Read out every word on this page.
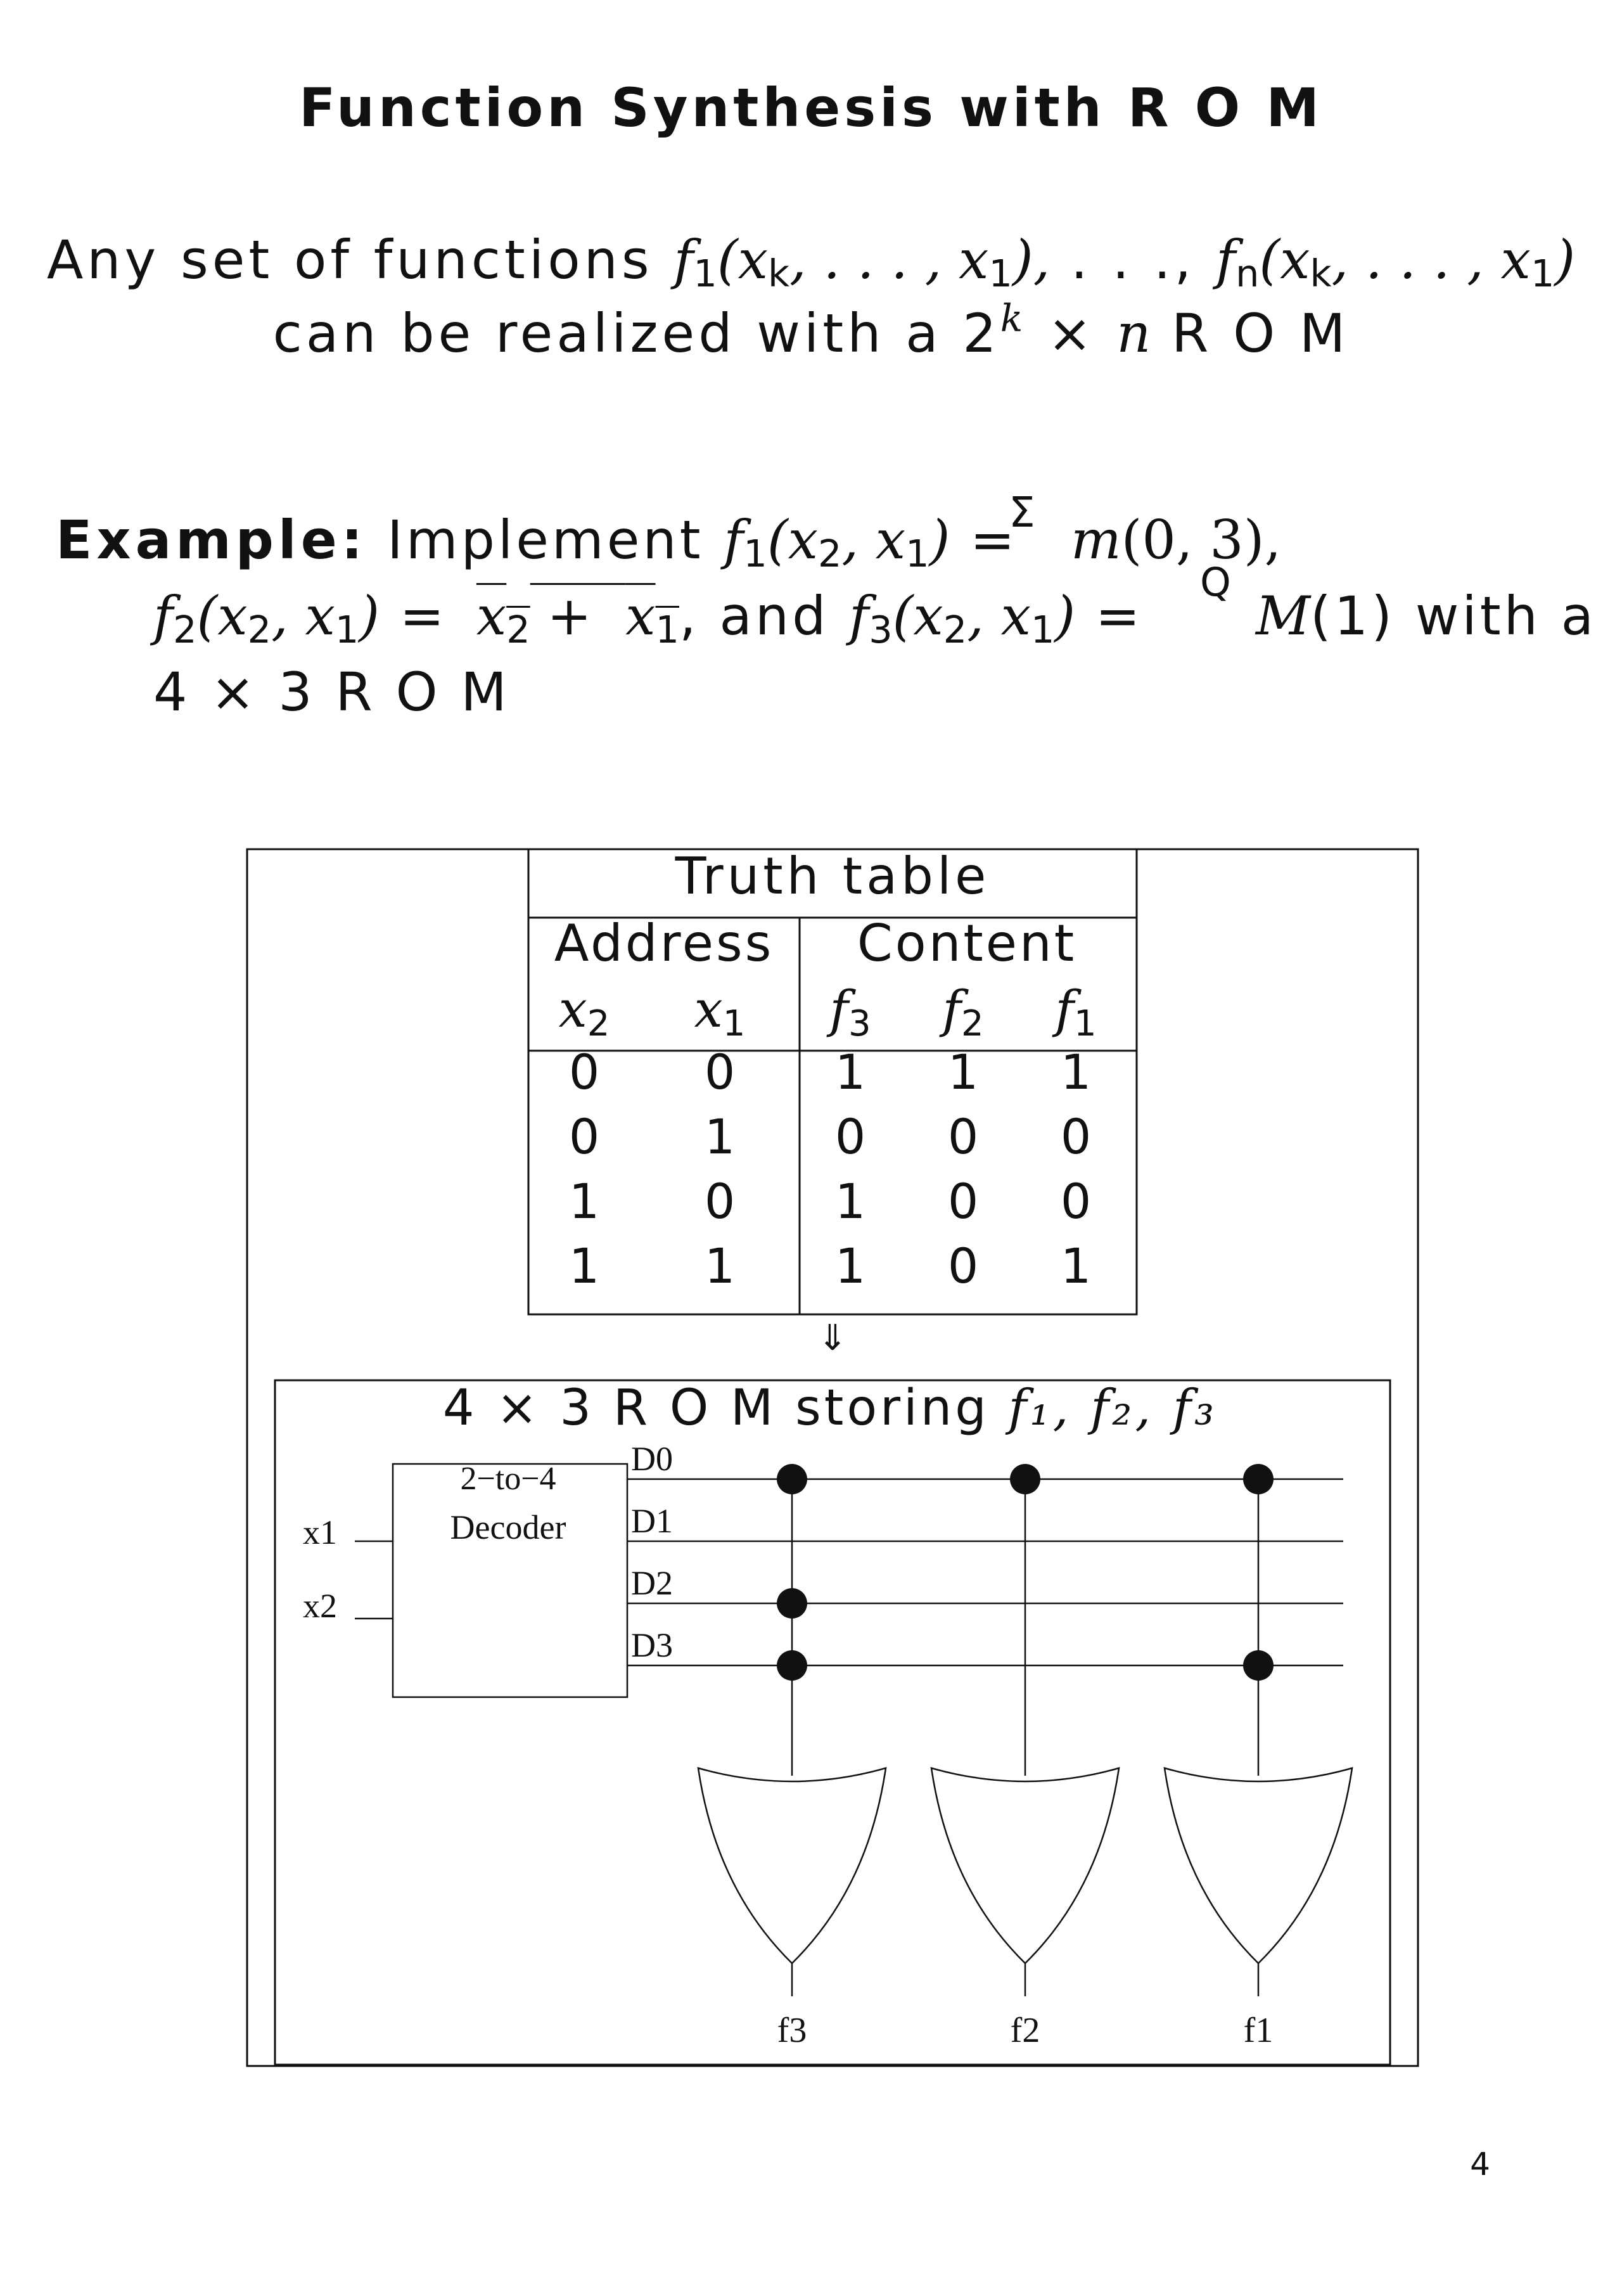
Function Synthesis with R O M
Any set of functions $f_1(x_k$, . . . , $x_1$), . . ., $f_n(x_k$, . . . , $x_1$)
can be realized with a $2^k \times n$ R O M
Example: Implement $f_1(x_2$, $x_1$) =
Σ m(0, 3),
Q
$f_2(x_2$, $x_1) = x_2 + x_1$, and $f_3(x_2$, $x_1) = M(1)$ with a
4 × 3 R O M
Truth table
Address Content
x2 x1 f3 f2 f1
0 0 1 1 1
0 1 0 0 0
1 0 1 0 0
1 1 1 0 1
⇓
4 × 3 R O M storing f₁, f₂, f₃
2−to−4
Decoder
x1
x2
D0
D1
D2
D3
f3	f2	f1
4
